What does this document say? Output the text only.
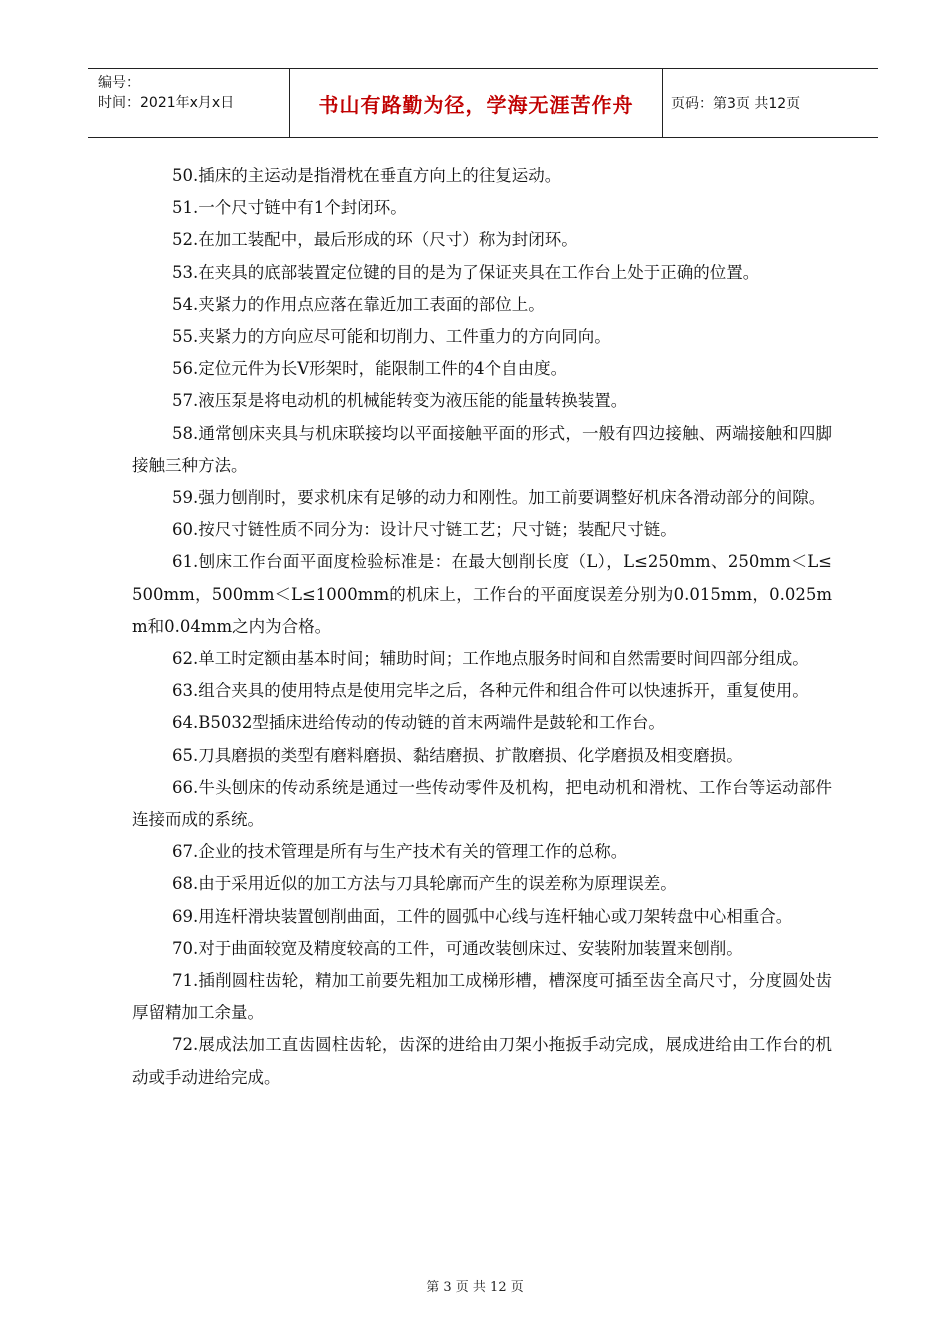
编号：
时间：2021年x月x日	书山有路勤为径，学海无涯苦作舟	页码：第3页 共12页

50.插床的主运动是指滑枕在垂直方向上的往复运动。

51.一个尺寸链中有1个封闭环。

52.在加工装配中，最后形成的环（尺寸）称为封闭环。

53.在夹具的底部装置定位键的目的是为了保证夹具在工作台上处于正确的位置。

54.夹紧力的作用点应落在靠近加工表面的部位上。

55.夹紧力的方向应尽可能和切削力、工件重力的方向同向。

56.定位元件为长V形架时，能限制工件的4个自由度。

57.液压泵是将电动机的机械能转变为液压能的能量转换装置。

58.通常刨床夹具与机床联接均以平面接触平面的形式，一般有四边接触、两端接触和四脚接触三种方法。

59.强力刨削时，要求机床有足够的动力和刚性。加工前要调整好机床各滑动部分的间隙。

60.按尺寸链性质不同分为：设计尺寸链工艺；尺寸链；装配尺寸链。

61.刨床工作台面平面度检验标准是：在最大刨削长度（L），L≤250mm、250mm＜L≤500mm，500mm＜L≤1000mm的机床上，工作台的平面度误差分别为0.015mm，0.025mm和0.04mm之内为合格。

62.单工时定额由基本时间；辅助时间；工作地点服务时间和自然需要时间四部分组成。

63.组合夹具的使用特点是使用完毕之后，各种元件和组合件可以快速拆开，重复使用。

64.B5032型插床进给传动的传动链的首末两端件是鼓轮和工作台。

65.刀具磨损的类型有磨料磨损、黏结磨损、扩散磨损、化学磨损及相变磨损。

66.牛头刨床的传动系统是通过一些传动零件及机构，把电动机和滑枕、工作台等运动部件连接而成的系统。

67.企业的技术管理是所有与生产技术有关的管理工作的总称。

68.由于采用近似的加工方法与刀具轮廓而产生的误差称为原理误差。

69.用连杆滑块装置刨削曲面，工件的圆弧中心线与连杆轴心或刀架转盘中心相重合。

70.对于曲面较宽及精度较高的工件，可通改装刨床过、安装附加装置来刨削。

71.插削圆柱齿轮，精加工前要先粗加工成梯形槽，槽深度可插至齿全高尺寸，分度圆处齿厚留精加工余量。

72.展成法加工直齿圆柱齿轮，齿深的进给由刀架小拖扳手动完成，展成进给由工作台的机动或手动进给完成。

第 3 页 共 12 页
